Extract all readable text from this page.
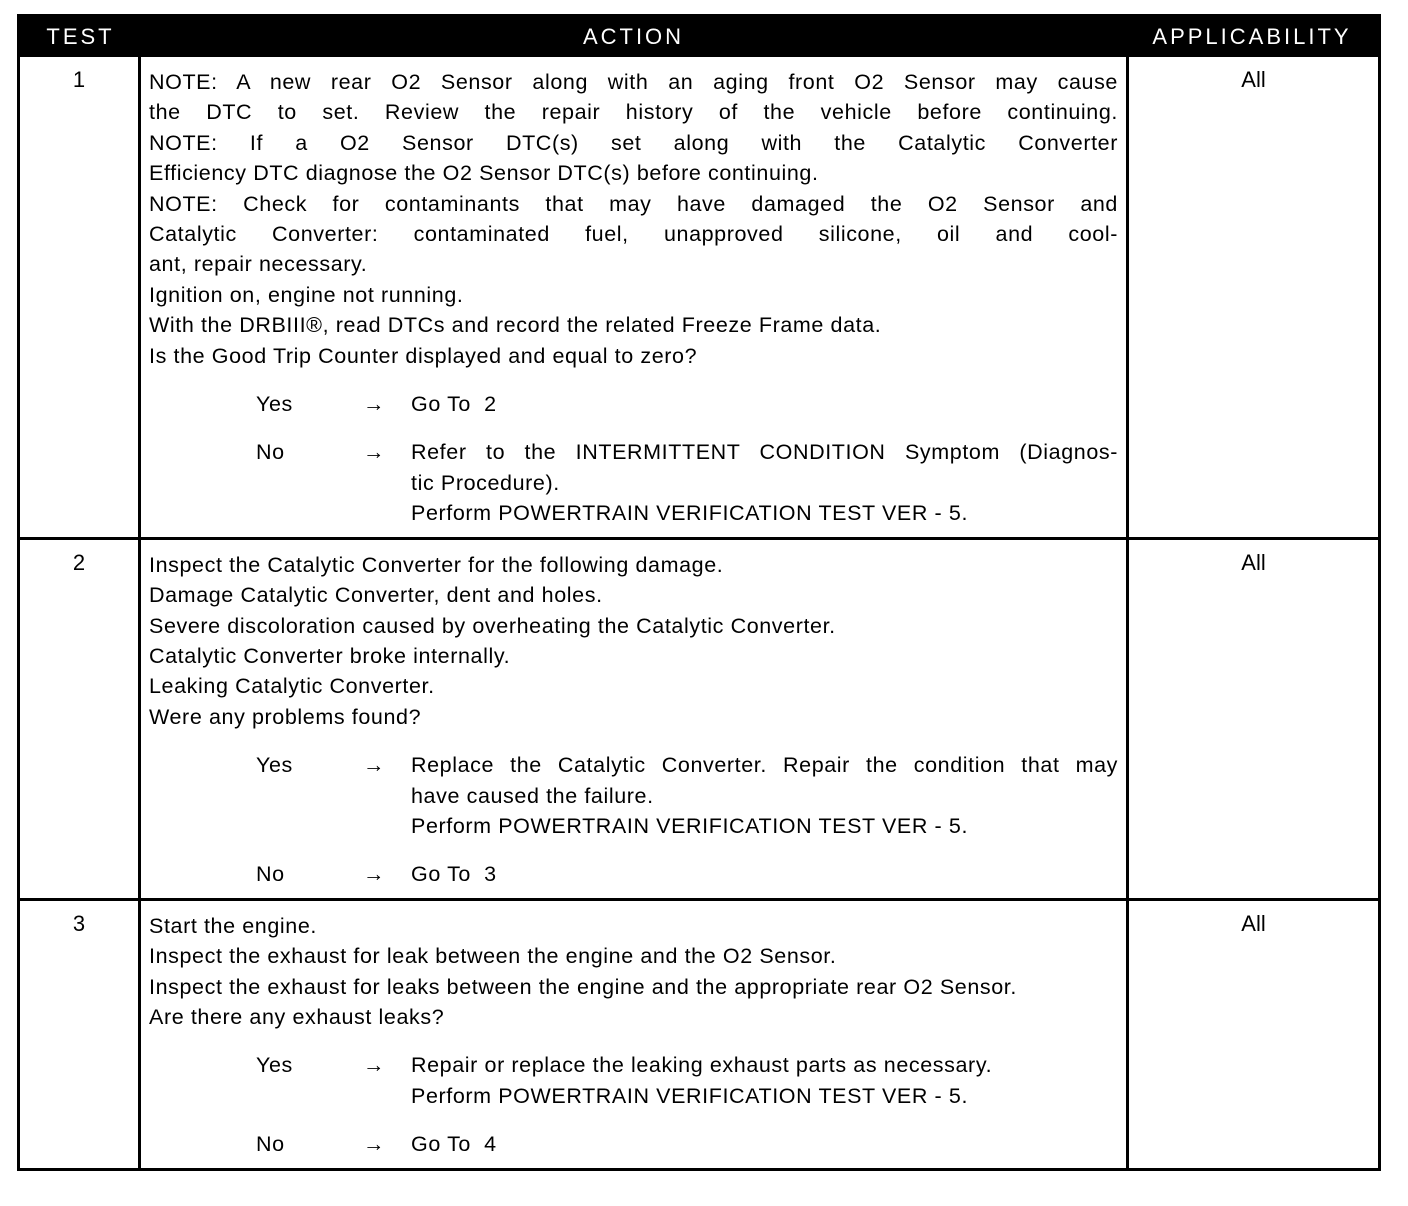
TEST	ACTION	APPLICABILITY
1	NOTE: A new rear O2 Sensor along with an aging front O2 Sensor may cause
the DTC to set. Review the repair history of the vehicle before continuing.
NOTE: If a O2 Sensor DTC(s) set along with the Catalytic Converter
Efficiency DTC diagnose the O2 Sensor DTC(s) before continuing.
NOTE: Check for contaminants that may have damaged the O2 Sensor and
Catalytic Converter: contaminated fuel, unapproved silicone, oil and cool-
ant, repair necessary.
Ignition on, engine not running.
With the DRBIII®, read DTCs and record the related Freeze Frame data.
Is the Good Trip Counter displayed and equal to zero?
Yes	→	Go To  2
No	→	Refer to the INTERMITTENT CONDITION Symptom (Diagnos-
tic Procedure).
Perform POWERTRAIN VERIFICATION TEST VER - 5.
All
2	Inspect the Catalytic Converter for the following damage.
Damage Catalytic Converter, dent and holes.
Severe discoloration caused by overheating the Catalytic Converter.
Catalytic Converter broke internally.
Leaking Catalytic Converter.
Were any problems found?
Yes	→	Replace the Catalytic Converter. Repair the condition that may
have caused the failure.
Perform POWERTRAIN VERIFICATION TEST VER - 5.
No	→	Go To  3
All
3	Start the engine.
Inspect the exhaust for leak between the engine and the O2 Sensor.
Inspect the exhaust for leaks between the engine and the appropriate rear O2 Sensor.
Are there any exhaust leaks?
Yes	→	Repair or replace the leaking exhaust parts as necessary.
Perform POWERTRAIN VERIFICATION TEST VER - 5.
No	→	Go To  4
All
